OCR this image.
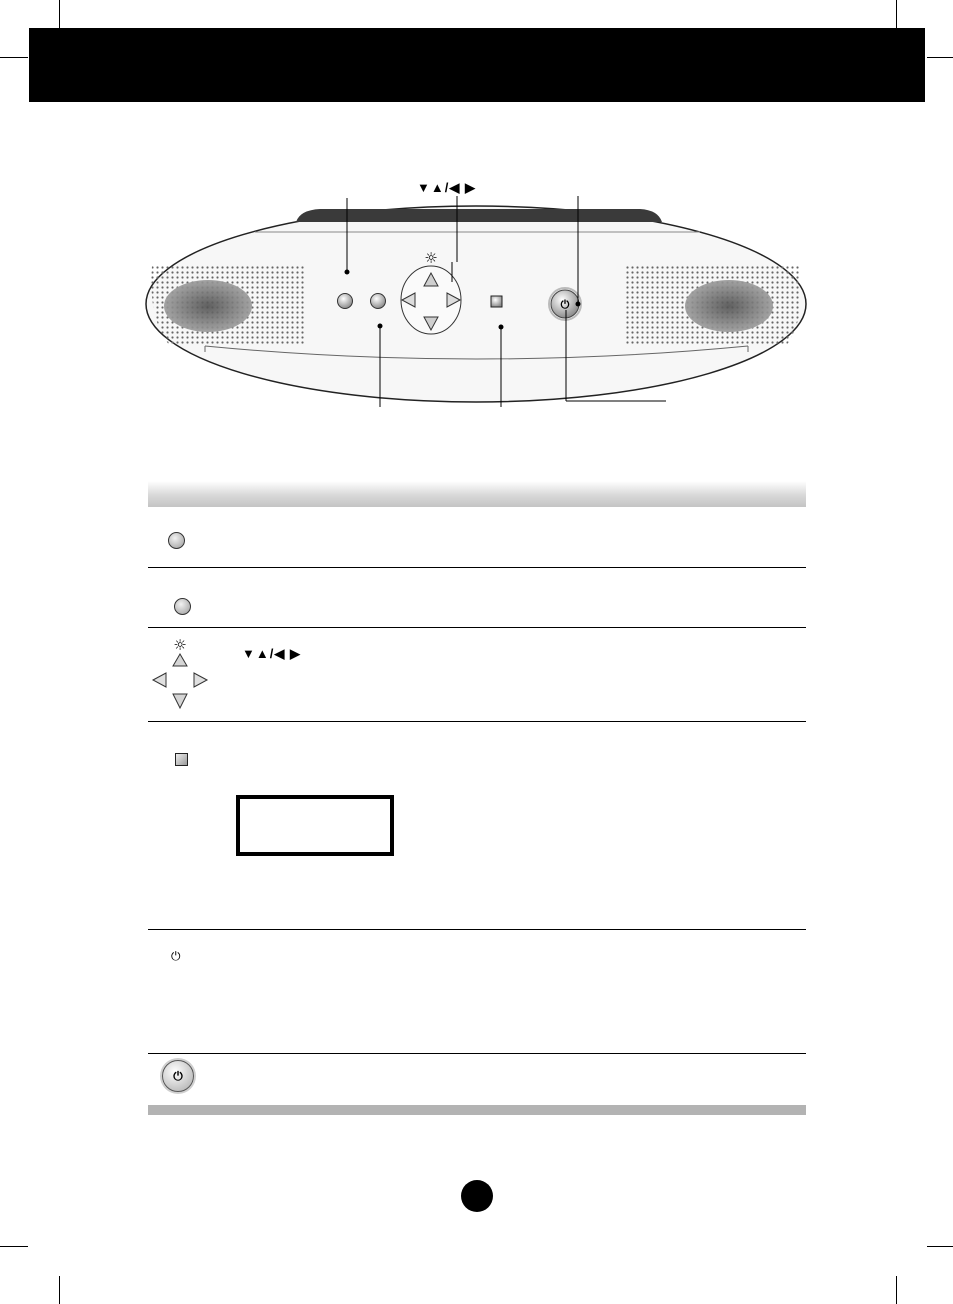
☼
⏻
▼▲/◀ ▶
☼	▼▲/◀ ▶
⏻
⏻
